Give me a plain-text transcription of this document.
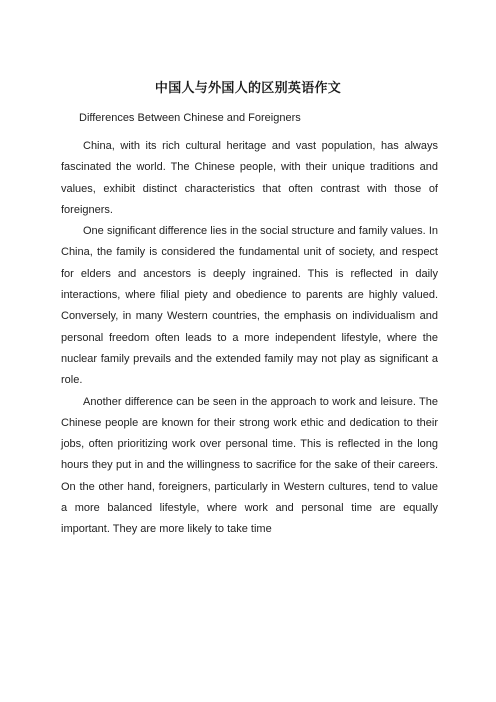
中国人与外国人的区别英语作文
Differences Between Chinese and Foreigners

China, with its rich cultural heritage and vast population, has always fascinated the world. The Chinese people, with their unique traditions and values, exhibit distinct characteristics that often contrast with those of foreigners.

One significant difference lies in the social structure and family values. In China, the family is considered the fundamental unit of society, and respect for elders and ancestors is deeply ingrained. This is reflected in daily interactions, where filial piety and obedience to parents are highly valued. Conversely, in many Western countries, the emphasis on individualism and personal freedom often leads to a more independent lifestyle, where the nuclear family prevails and the extended family may not play as significant a role.

Another difference can be seen in the approach to work and leisure. The Chinese people are known for their strong work ethic and dedication to their jobs, often prioritizing work over personal time. This is reflected in the long hours they put in and the willingness to sacrifice for the sake of their careers. On the other hand, foreigners, particularly in Western cultures, tend to value a more balanced lifestyle, where work and personal time are equally important. They are more likely to take time
